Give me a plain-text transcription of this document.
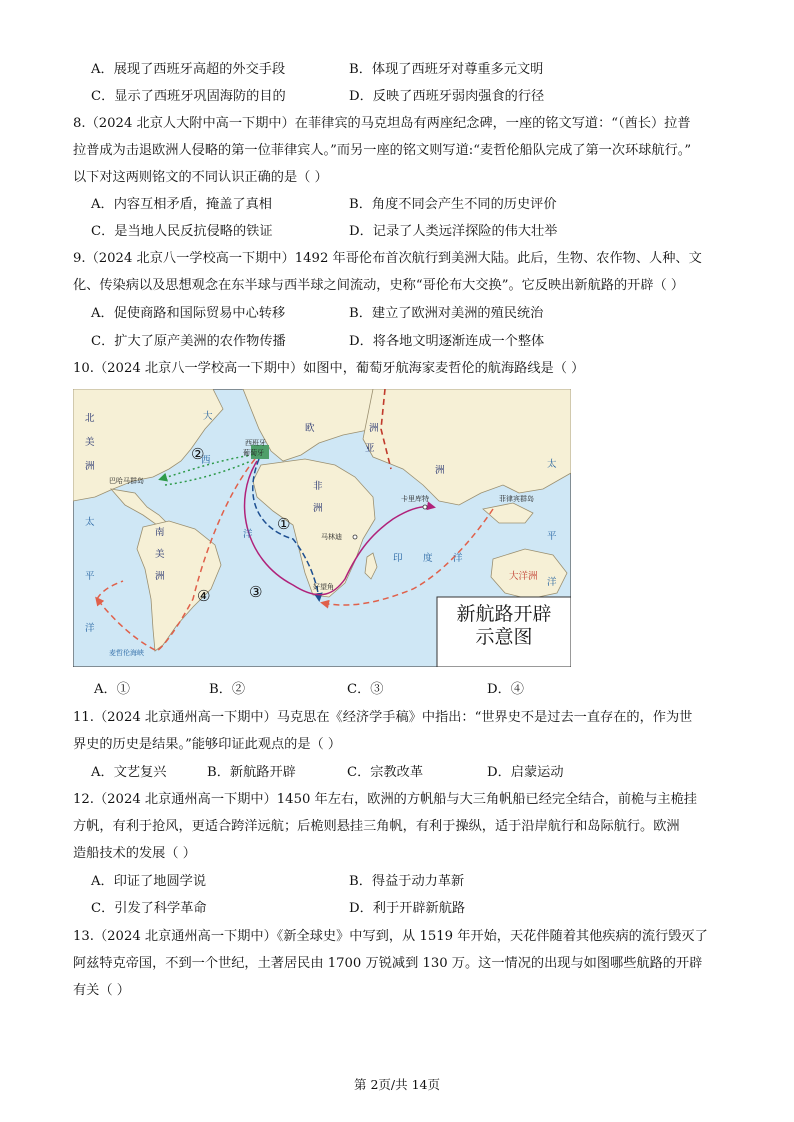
A．展现了西班牙高超的外交手段	B．体现了西班牙对尊重多元文明
C．显示了西班牙巩固海防的目的	D．反映了西班牙弱肉强食的行径
8.（2024 北京人大附中高一下期中）在菲律宾的马克坦岛有两座纪念碑，一座的铭文写道：“（酋长）拉普
拉普成为击退欧洲人侵略的第一位菲律宾人。”而另一座的铭文则写道:“麦哲伦船队完成了第一次环球航行。”
以下对这两则铭文的不同认识正确的是（ ）
A．内容互相矛盾，掩盖了真相	B．角度不同会产生不同的历史评价
C．是当地人民反抗侵略的铁证	D．记录了人类远洋探险的伟大壮举
9.（2024 北京八一学校高一下期中）1492 年哥伦布首次航行到美洲大陆。此后，生物、农作物、人种、文
化、传染病以及思想观念在东半球与西半球之间流动，史称“哥伦布大交换”。它反映出新航路的开辟（ ）
A．促使商路和国际贸易中心转移	B．建立了欧洲对美洲的殖民统治
C．扩大了原产美洲的农作物传播	D．将各地文明逐渐连成一个整体
10.（2024 北京八一学校高一下期中）如图中，葡萄牙航海家麦哲伦的航海路线是（ ）
北
美
洲
南
美
洲
欧	洲
亚
洲
非
洲
大洋洲
大
西
洋
印 度 洋
太
平
洋
太
平
洋
西班牙
葡萄牙
巴哈马群岛
卡里库特	菲律宾群岛
马林迪
好望角
麦哲伦海峡
①
②
③
④
新航路开辟
示意图
A．①	B．②	C．③	D．④
11.（2024 北京通州高一下期中）马克思在《经济学手稿》中指出：“世界史不是过去一直存在的，作为世
界史的历史是结果。”能够印证此观点的是（ ）
A．文艺复兴	B．新航路开辟	C．宗教改革	D．启蒙运动
12.（2024 北京通州高一下期中）1450 年左右，欧洲的方帆船与大三角帆船已经完全结合，前桅与主桅挂
方帆，有利于抢风，更适合跨洋远航；后桅则悬挂三角帆，有利于操纵，适于沿岸航行和岛际航行。欧洲
造船技术的发展（ ）
A．印证了地圆学说	B．得益于动力革新
C．引发了科学革命	D．利于开辟新航路
13.（2024 北京通州高一下期中）《新全球史》中写到，从 1519 年开始，天花伴随着其他疾病的流行毁灭了
阿兹特克帝国，不到一个世纪，土著居民由 1700 万锐减到 130 万。这一情况的出现与如图哪些航路的开辟
有关（ ）
第 2页/共 14页
